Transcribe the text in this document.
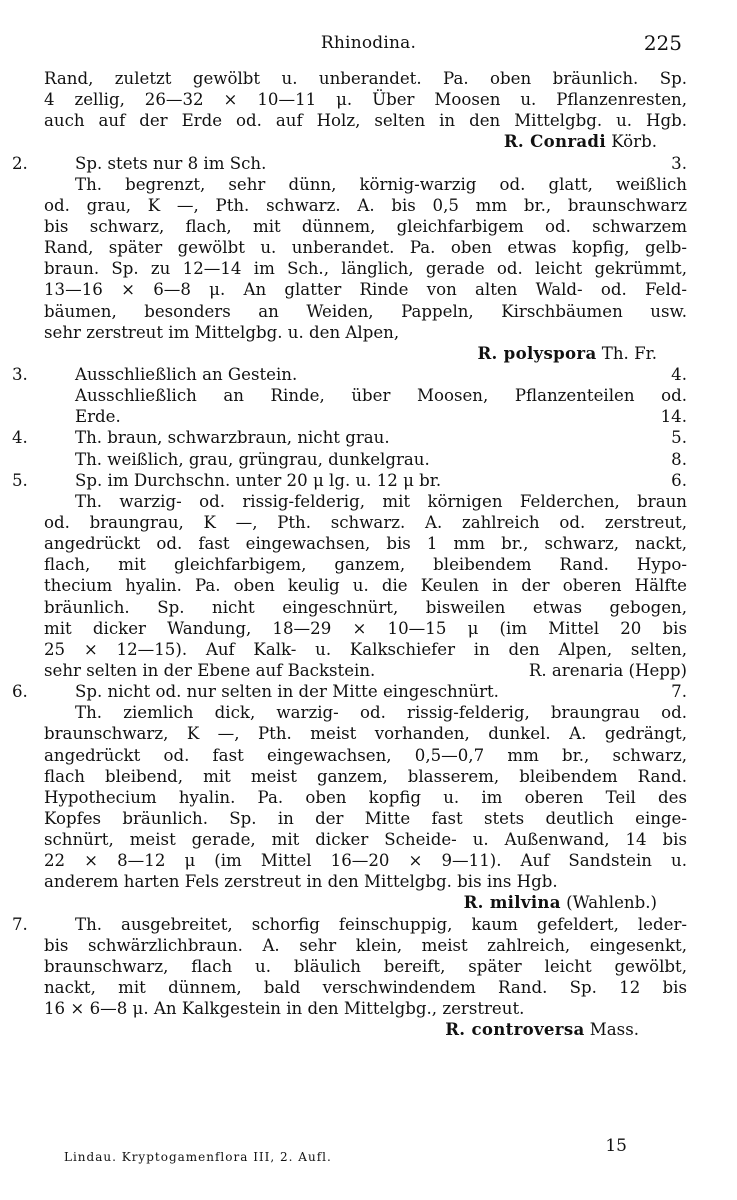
Rhinodina.	225
Rand, zuletzt gewölbt u. unberandet. Pa. oben bräunlich. Sp.
4 zellig, 26—32 × 10—11 μ. Über Moosen u. Pflanzenresten,
auch auf der Erde od. auf Holz, selten in den Mittelgbg. u. Hgb.
R. Conradi Körb.
2.	Sp. stets nur 8 im Sch.	3.
Th. begrenzt, sehr dünn, körnig-warzig od. glatt, weißlich
od. grau, K —, Pth. schwarz. A. bis 0,5 mm br., braunschwarz
bis schwarz, flach, mit dünnem, gleichfarbigem od. schwarzem
Rand, später gewölbt u. unberandet. Pa. oben etwas kopfig, gelb-
braun. Sp. zu 12—14 im Sch., länglich, gerade od. leicht gekrümmt,
13—16 × 6—8 μ. An glatter Rinde von alten Wald- od. Feld-
bäumen, besonders an Weiden, Pappeln, Kirschbäumen usw.
sehr zerstreut im Mittelgbg. u. den Alpen,
R. polyspora Th. Fr.
3.	Ausschließlich an Gestein.	4.
Ausschließlich an Rinde, über Moosen, Pflanzenteilen od.
Erde.	14.
4.	Th. braun, schwarzbraun, nicht grau.	5.
Th. weißlich, grau, grüngrau, dunkelgrau.	8.
5.	Sp. im Durchschn. unter 20 μ lg. u. 12 μ br.	6.
Th. warzig- od. rissig-felderig, mit körnigen Felderchen, braun
od. braungrau, K —, Pth. schwarz. A. zahlreich od. zerstreut,
angedrückt od. fast eingewachsen, bis 1 mm br., schwarz, nackt,
flach, mit gleichfarbigem, ganzem, bleibendem Rand. Hypo-
thecium hyalin. Pa. oben keulig u. die Keulen in der oberen Hälfte
bräunlich. Sp. nicht eingeschnürt, bisweilen etwas gebogen,
mit dicker Wandung, 18—29 × 10—15 μ (im Mittel 20 bis
25 × 12—15). Auf Kalk- u. Kalkschiefer in den Alpen, selten,
sehr selten in der Ebene auf Backstein.	R. arenaria (Hepp)
6.	Sp. nicht od. nur selten in der Mitte eingeschnürt.	7.
Th. ziemlich dick, warzig- od. rissig-felderig, braungrau od.
braunschwarz, K —, Pth. meist vorhanden, dunkel. A. gedrängt,
angedrückt od. fast eingewachsen, 0,5—0,7 mm br., schwarz,
flach bleibend, mit meist ganzem, blasserem, bleibendem Rand.
Hypothecium hyalin. Pa. oben kopfig u. im oberen Teil des
Kopfes bräunlich. Sp. in der Mitte fast stets deutlich einge-
schnürt, meist gerade, mit dicker Scheide- u. Außenwand, 14 bis
22 × 8—12 μ (im Mittel 16—20 × 9—11). Auf Sandstein u.
anderem harten Fels zerstreut in den Mittelgbg. bis ins Hgb.
R. milvina (Wahlenb.)
7.	Th. ausgebreitet, schorfig feinschuppig, kaum gefeldert, leder-
bis schwärzlichbraun. A. sehr klein, meist zahlreich, eingesenkt,
braunschwarz, flach u. bläulich bereift, später leicht gewölbt,
nackt, mit dünnem, bald verschwindendem Rand. Sp. 12 bis
16 × 6—8 μ. An Kalkgestein in den Mittelgbg., zerstreut.
R. controversa Mass.
Lindau. Kryptogamenflora III, 2. Aufl.
15
